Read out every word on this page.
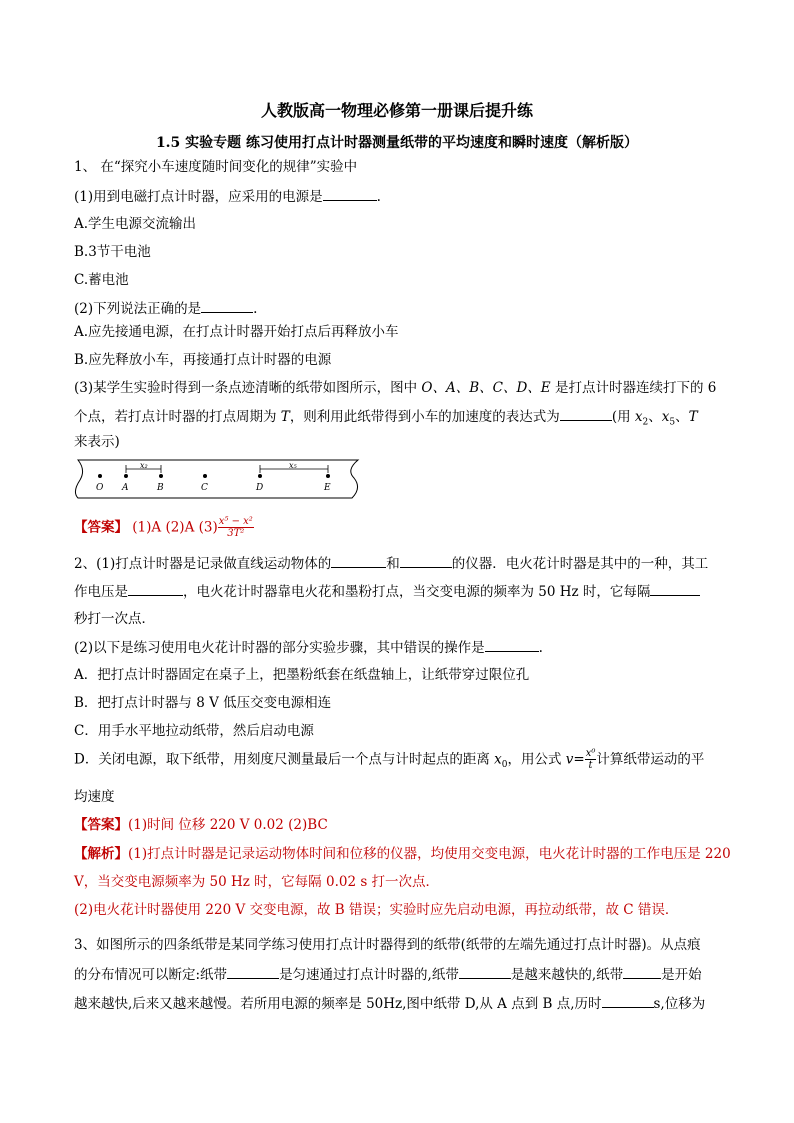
人教版高一物理必修第一册课后提升练
1.5 实验专题 练习使用打点计时器测量纸带的平均速度和瞬时速度（解析版）
1、 在“探究小车速度随时间变化的规律”实验中
(1)用到电磁打点计时器，应采用的电源是	.
A.学生电源交流输出
B.3节干电池
C.蓄电池
(2)下列说法正确的是	.
A.应先接通电源，在打点计时器开始打点后再释放小车
B.应先释放小车，再接通打点计时器的电源
(3)某学生实验时得到一条点迹清晰的纸带如图所示，图中 O、A、B、C、D、E 是打点计时器连续打下的 6
个点，若打点计时器的打点周期为 T，则利用此纸带得到小车的加速度的表达式为	(用 $x_2$、$x_5$、T
来表示)
x₂	x₅
O A	B	C	D	E
【答案】 (1)A (2)A $(3) \frac{\text{x⁵ − x²}}{\text{3T²}}$
2、(1)打点计时器是记录做直线运动物体的	和	的仪器．电火花计时器是其中的一种，其工
作电压是	，电火花计时器靠电火花和墨粉打点，当交变电源的频率为 50 Hz 时，它每隔
秒打一次点．
(2)以下是练习使用电火花计时器的部分实验步骤，其中错误的操作是	.
A．把打点计时器固定在桌子上，把墨粉纸套在纸盘轴上，让纸带穿过限位孔
B．把打点计时器与 8 V 低压交变电源相连
C．用手水平地拉动纸带，然后启动电源
D．关闭电源，取下纸带，用刻度尺测量最后一个点与计时起点的距离 $x_0$，用公式 $v= \frac{\text{x⁰}}{t}$ 计算纸带运动的平
均速度
【答案】(1)时间 位移 220 V 0.02 (2)BC
【解析】(1)打点计时器是记录运动物体时间和位移的仪器，均使用交变电源，电火花计时器的工作电压是 220
V，当交变电源频率为 50 Hz 时，它每隔 0.02 s 打一次点．
(2)电火花计时器使用 220 V 交变电源，故 B 错误；实验时应先启动电源，再拉动纸带，故 C 错误．
3、如图所示的四条纸带是某同学练习使用打点计时器得到的纸带(纸带的左端先通过打点计时器)。从点痕
的分布情况可以断定:纸带	是匀速通过打点计时器的,纸带	是越来越快的,纸带	是开始
越来越快,后来又越来越慢。若所用电源的频率是 50Hz,图中纸带 D,从 A 点到 B 点,历时	s,位移为
